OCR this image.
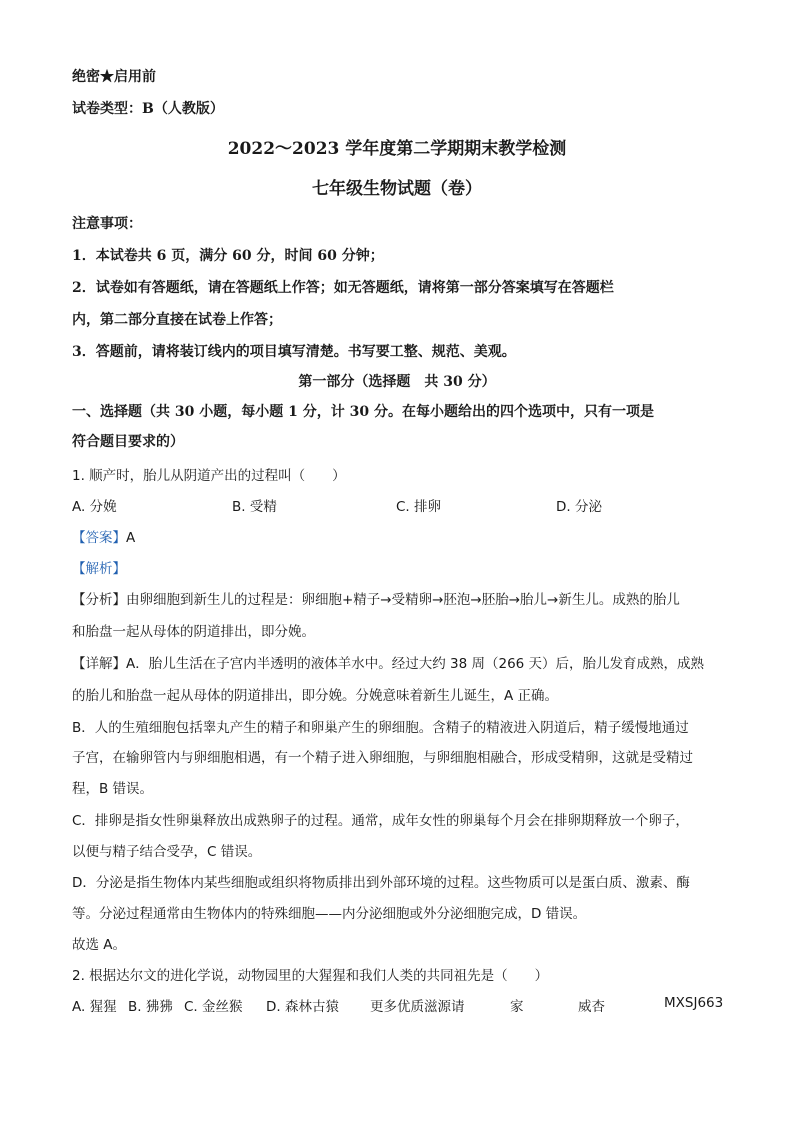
绝密★启用前
试卷类型：B（人教版）
2022～2023 学年度第二学期期末教学检测
七年级生物试题（卷）
注意事项：
1．本试卷共 6 页，满分 60 分，时间 60 分钟；
2．试卷如有答题纸，请在答题纸上作答；如无答题纸，请将第一部分答案填写在答题栏
内，第二部分直接在试卷上作答；
3．答题前，请将装订线内的项目填写清楚。书写要工整、规范、美观。
第一部分（选择题　共 30 分）
一、选择题（共 30 小题，每小题 1 分，计 30 分。在每小题给出的四个选项中，只有一项是
符合题目要求的）
1. 顺产时，胎儿从阴道产出的过程叫（　　）
A. 分娩	B. 受精	C. 排卵	D. 分泌
【答案】A
【解析】
【分析】由卵细胞到新生儿的过程是：卵细胞+精子→受精卵→胚泡→胚胎→胎儿→新生儿。成熟的胎儿
和胎盘一起从母体的阴道排出，即分娩。
【详解】A．胎儿生活在子宫内半透明的液体羊水中。经过大约 38 周（266 天）后，胎儿发育成熟，成熟
的胎儿和胎盘一起从母体的阴道排出，即分娩。分娩意味着新生儿诞生，A 正确。
B．人的生殖细胞包括睾丸产生的精子和卵巢产生的卵细胞。含精子的精液进入阴道后，精子缓慢地通过
子宫，在输卵管内与卵细胞相遇，有一个精子进入卵细胞，与卵细胞相融合，形成受精卵，这就是受精过
程，B 错误。
C．排卵是指女性卵巢释放出成熟卵子的过程。通常，成年女性的卵巢每个月会在排卵期释放一个卵子，
以便与精子结合受孕，C 错误。
D．分泌是指生物体内某些细胞或组织将物质排出到外部环境的过程。这些物质可以是蛋白质、激素、酶
等。分泌过程通常由生物体内的特殊细胞——内分泌细胞或外分泌细胞完成，D 错误。
故选 A。
2. 根据达尔文的进化学说，动物园里的大猩猩和我们人类的共同祖先是（　　）
A. 猩猩 B. 狒狒 C. 金丝猴 D. 森林古猿 更多优质滋源请	家	威杏	MXSJ663
